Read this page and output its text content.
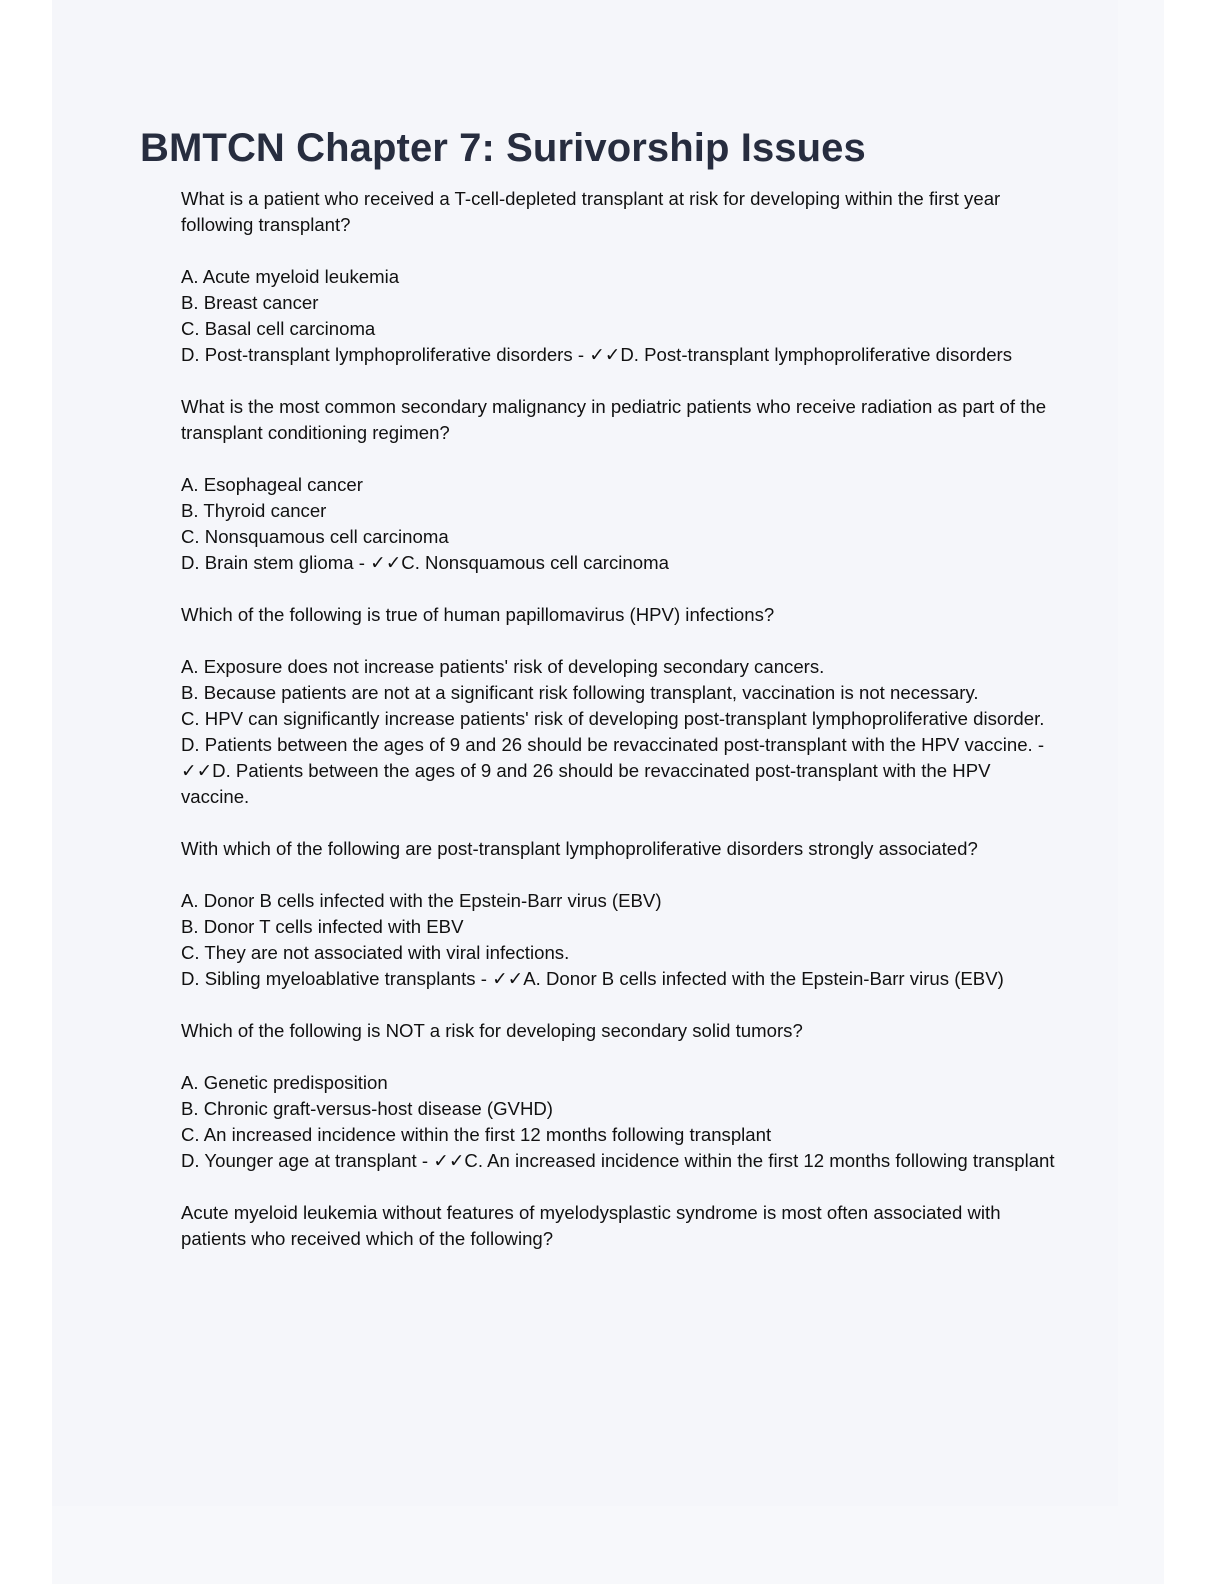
BMTCN Chapter 7: Surivorship Issues

What is a patient who received a T-cell-depleted transplant at risk for developing within the first year following transplant?

A. Acute myeloid leukemia

B. Breast cancer

C. Basal cell carcinoma

D. Post-transplant lymphoproliferative disorders - ✓✓D. Post-transplant lymphoproliferative disorders

What is the most common secondary malignancy in pediatric patients who receive radiation as part of the transplant conditioning regimen?

A. Esophageal cancer

B. Thyroid cancer

C. Nonsquamous cell carcinoma

D. Brain stem glioma - ✓✓C. Nonsquamous cell carcinoma

Which of the following is true of human papillomavirus (HPV) infections?

A. Exposure does not increase patients' risk of developing secondary cancers.

B. Because patients are not at a significant risk following transplant, vaccination is not necessary.

C. HPV can significantly increase patients' risk of developing post-transplant lymphoproliferative disorder.

D. Patients between the ages of 9 and 26 should be revaccinated post-transplant with the HPV vaccine. - ✓✓D. Patients between the ages of 9 and 26 should be revaccinated post-transplant with the HPV vaccine.

With which of the following are post-transplant lymphoproliferative disorders strongly associated?

A. Donor B cells infected with the Epstein-Barr virus (EBV)

B. Donor T cells infected with EBV

C. They are not associated with viral infections.

D. Sibling myeloablative transplants - ✓✓A. Donor B cells infected with the Epstein-Barr virus (EBV)

Which of the following is NOT a risk for developing secondary solid tumors?

A. Genetic predisposition

B. Chronic graft-versus-host disease (GVHD)

C. An increased incidence within the first 12 months following transplant

D. Younger age at transplant - ✓✓C. An increased incidence within the first 12 months following transplant

Acute myeloid leukemia without features of myelodysplastic syndrome is most often associated with patients who received which of the following?
